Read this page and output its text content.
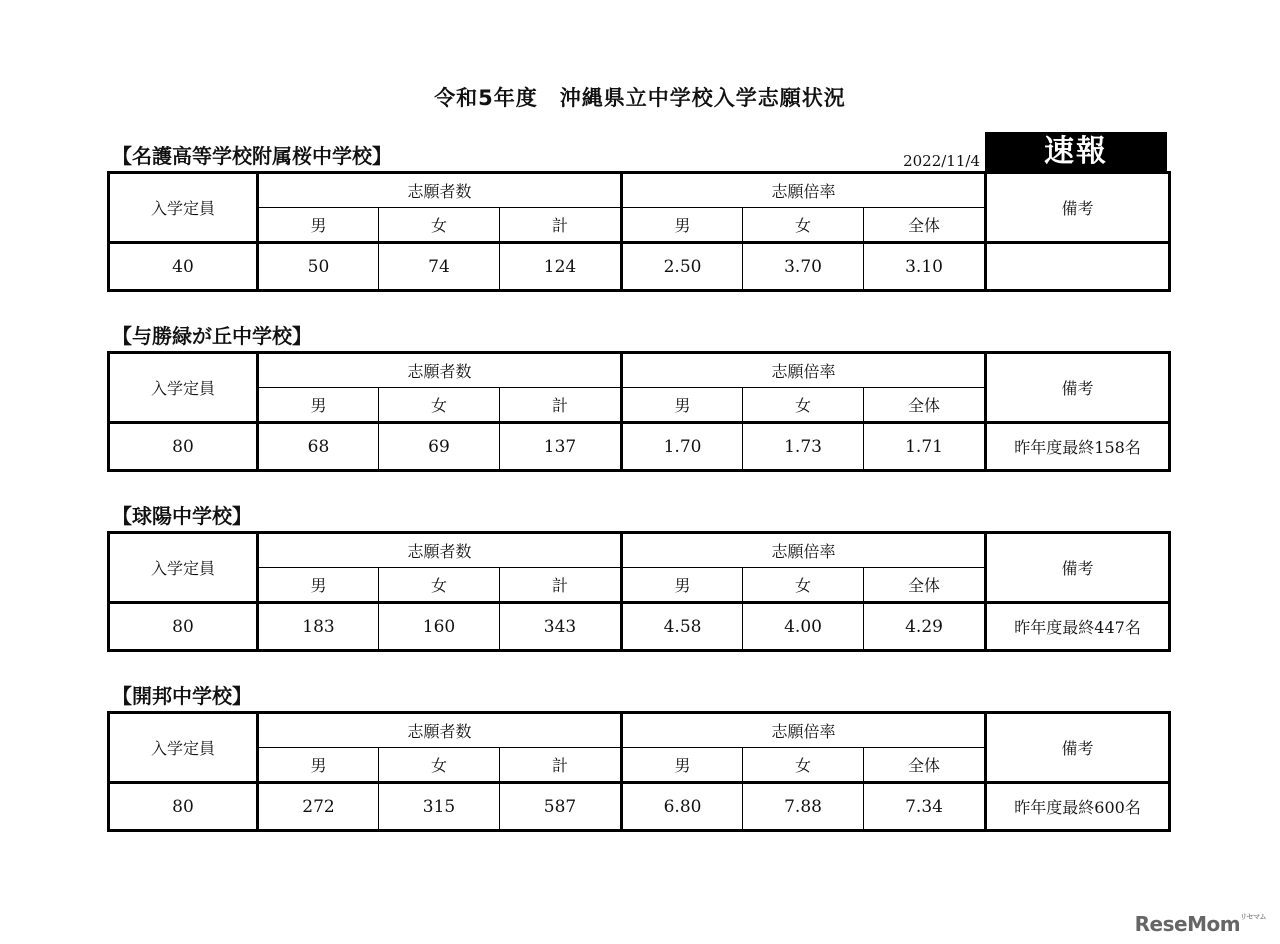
令和5年度　沖縄県立中学校入学志願状況
2022/11/4	速報
【名護高等学校附属桜中学校】
入学定員	志願者数			志願倍率			備考
	男	女	計	男	女	全体	
40	50	74	124	2.50	3.70	3.10	
【与勝緑が丘中学校】
入学定員	志願者数			志願倍率			備考
	男	女	計	男	女	全体	
80	68	69	137	1.70	1.73	1.71	昨年度最終158名
【球陽中学校】
入学定員	志願者数			志願倍率			備考
	男	女	計	男	女	全体	
80	183	160	343	4.58	4.00	4.29	昨年度最終447名
【開邦中学校】
入学定員	志願者数			志願倍率			備考
	男	女	計	男	女	全体	
80	272	315	587	6.80	7.88	7.34	昨年度最終600名
ReseMom$^{リセマム}$
